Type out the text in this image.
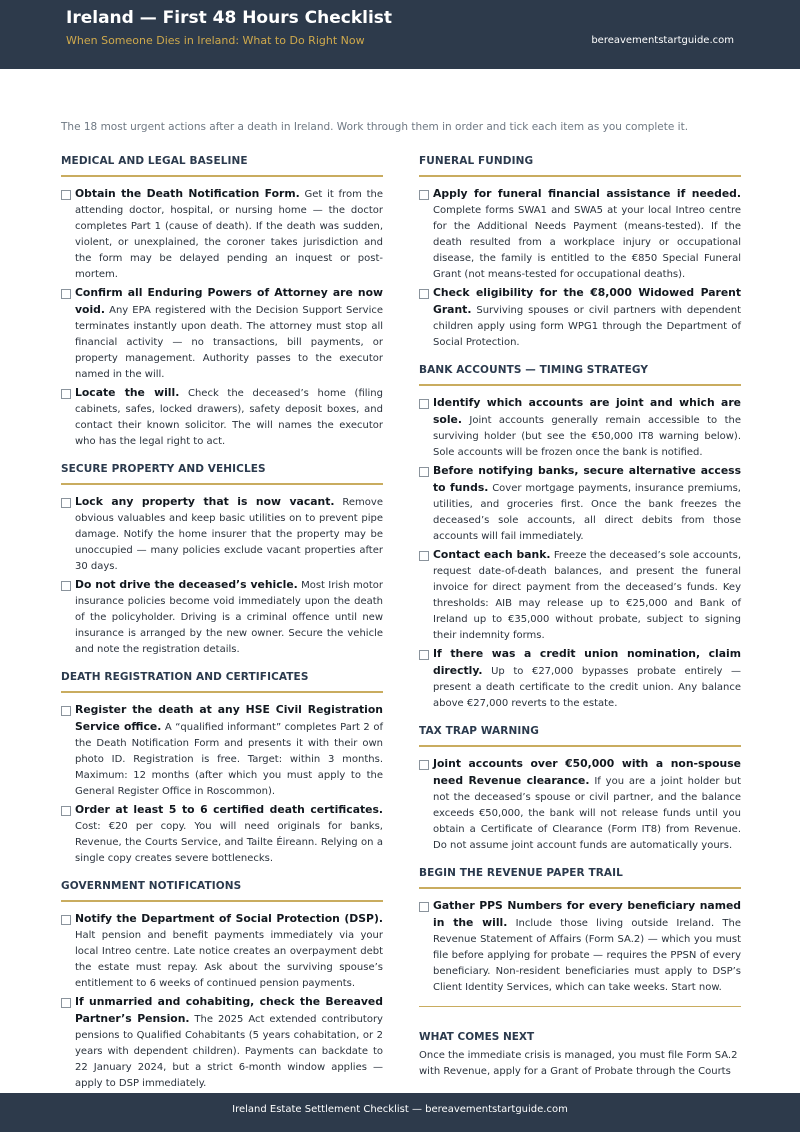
Ireland — First 48 Hours Checklist
When Someone Dies in Ireland: What to Do Right Now	bereavementstartguide.com
The 18 most urgent actions after a death in Ireland. Work through them in order and tick each item as you complete it.
MEDICAL AND LEGAL BASELINE
Obtain the Death Notification Form. Get it from the attending doctor, hospital, or nursing home — the doctor completes Part 1 (cause of death). If the death was sudden, violent, or unexplained, the coroner takes jurisdiction and the form may be delayed pending an inquest or post-mortem.
Confirm all Enduring Powers of Attorney are now void. Any EPA registered with the Decision Support Service terminates instantly upon death. The attorney must stop all financial activity — no transactions, bill payments, or property management. Authority passes to the executor named in the will.
Locate the will. Check the deceased’s home (filing cabinets, safes, locked drawers), safety deposit boxes, and contact their known solicitor. The will names the executor who has the legal right to act.
SECURE PROPERTY AND VEHICLES
Lock any property that is now vacant. Remove obvious valuables and keep basic utilities on to prevent pipe damage. Notify the home insurer that the property may be unoccupied — many policies exclude vacant properties after 30 days.
Do not drive the deceased’s vehicle. Most Irish motor insurance policies become void immediately upon the death of the policyholder. Driving is a criminal offence until new insurance is arranged by the new owner. Secure the vehicle and note the registration details.
DEATH REGISTRATION AND CERTIFICATES
Register the death at any HSE Civil Registration Service office. A “qualified informant” completes Part 2 of the Death Notification Form and presents it with their own photo ID. Registration is free. Target: within 3 months. Maximum: 12 months (after which you must apply to the General Register Office in Roscommon).
Order at least 5 to 6 certified death certificates. Cost: €20 per copy. You will need originals for banks, Revenue, the Courts Service, and Tailte Éireann. Relying on a single copy creates severe bottlenecks.
GOVERNMENT NOTIFICATIONS
Notify the Department of Social Protection (DSP). Halt pension and benefit payments immediately via your local Intreo centre. Late notice creates an overpayment debt the estate must repay. Ask about the surviving spouse’s entitlement to 6 weeks of continued pension payments.
If unmarried and cohabiting, check the Bereaved Partner’s Pension. The 2025 Act extended contributory pensions to Qualified Cohabitants (5 years cohabitation, or 2 years with dependent children). Payments can backdate to 22 January 2024, but a strict 6-month window applies — apply to DSP immediately.
FUNERAL FUNDING
Apply for funeral financial assistance if needed. Complete forms SWA1 and SWA5 at your local Intreo centre for the Additional Needs Payment (means-tested). If the death resulted from a workplace injury or occupational disease, the family is entitled to the €850 Special Funeral Grant (not means-tested for occupational deaths).
Check eligibility for the €8,000 Widowed Parent Grant. Surviving spouses or civil partners with dependent children apply using form WPG1 through the Department of Social Protection.
BANK ACCOUNTS — TIMING STRATEGY
Identify which accounts are joint and which are sole. Joint accounts generally remain accessible to the surviving holder (but see the €50,000 IT8 warning below). Sole accounts will be frozen once the bank is notified.
Before notifying banks, secure alternative access to funds. Cover mortgage payments, insurance premiums, utilities, and groceries first. Once the bank freezes the deceased’s sole accounts, all direct debits from those accounts will fail immediately.
Contact each bank. Freeze the deceased’s sole accounts, request date-of-death balances, and present the funeral invoice for direct payment from the deceased’s funds. Key thresholds: AIB may release up to €25,000 and Bank of Ireland up to €35,000 without probate, subject to signing their indemnity forms.
If there was a credit union nomination, claim directly. Up to €27,000 bypasses probate entirely — present a death certificate to the credit union. Any balance above €27,000 reverts to the estate.
TAX TRAP WARNING
Joint accounts over €50,000 with a non-spouse need Revenue clearance. If you are a joint holder but not the deceased’s spouse or civil partner, and the balance exceeds €50,000, the bank will not release funds until you obtain a Certificate of Clearance (Form IT8) from Revenue. Do not assume joint account funds are automatically yours.
BEGIN THE REVENUE PAPER TRAIL
Gather PPS Numbers for every beneficiary named in the will. Include those living outside Ireland. The Revenue Statement of Affairs (Form SA.2) — which you must file before applying for probate — requires the PPSN of every beneficiary. Non-resident beneficiaries must apply to DSP’s Client Identity Services, which can take weeks. Start now.
WHAT COMES NEXT
Once the immediate crisis is managed, you must file Form SA.2 with Revenue, apply for a Grant of Probate through the Courts
Ireland Estate Settlement Checklist — bereavementstartguide.com
